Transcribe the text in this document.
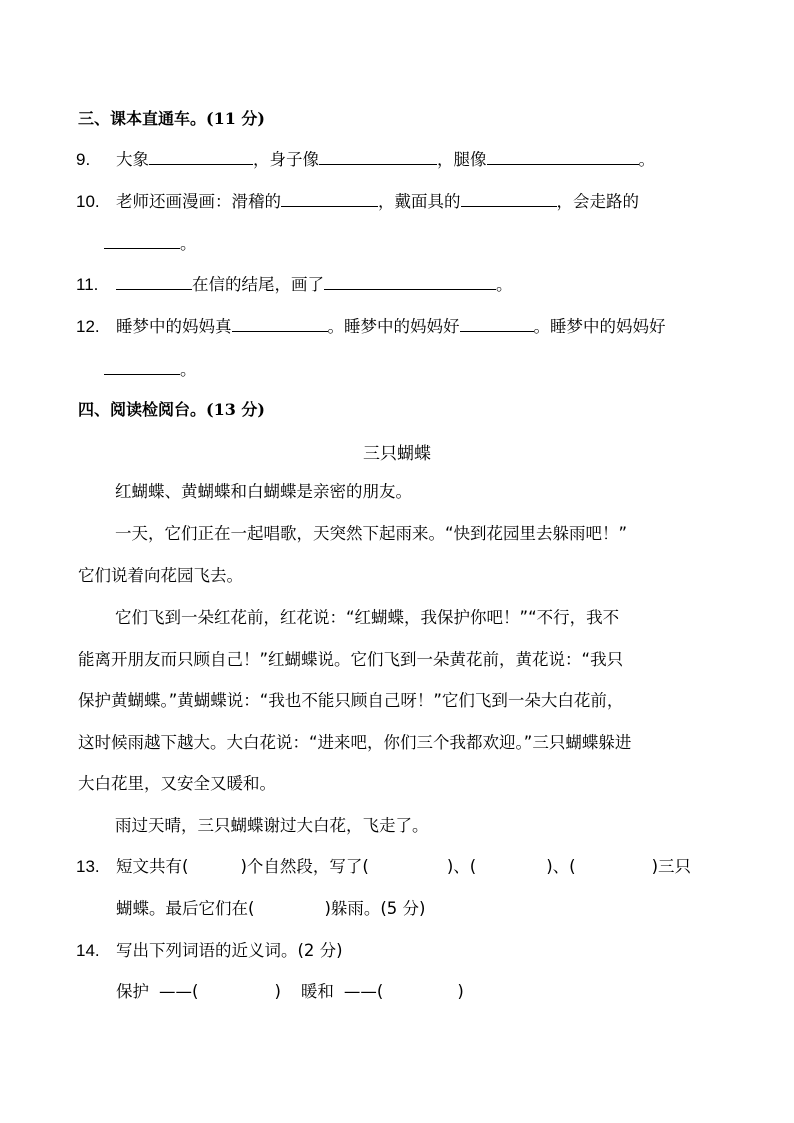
三、课本直通车。(11 分)
9. 大象	，身子像	，腿像	。
10. 老师还画漫画：滑稽的	，戴面具的	，会走路的
。
11.	在信的结尾，画了	。
12. 睡梦中的妈妈真	。睡梦中的妈妈好	。睡梦中的妈妈好
。
四、阅读检阅台。(13 分)
三只蝴蝶
红蝴蝶、黄蝴蝶和白蝴蝶是亲密的朋友。
一天，它们正在一起唱歌，天突然下起雨来。“快到花园里去躲雨吧！”
它们说着向花园飞去。
它们飞到一朵红花前，红花说：“红蝴蝶，我保护你吧！”“不行，我不
能离开朋友而只顾自己！”红蝴蝶说。它们飞到一朵黄花前，黄花说：“我只
保护黄蝴蝶。”黄蝴蝶说：“我也不能只顾自己呀！”它们飞到一朵大白花前，
这时候雨越下越大。大白花说：“进来吧，你们三个我都欢迎。”三只蝴蝶躲进
大白花里，又安全又暖和。
雨过天晴，三只蝴蝶谢过大白花，飞走了。
13. 短文共有(	)个自然段，写了(	)、(	)、(	)三只
蝴蝶。最后它们在(	)躲雨。(5 分)
14. 写出下列词语的近义词。(2 分)
保护 ——(	) 暖和 ——(	)
